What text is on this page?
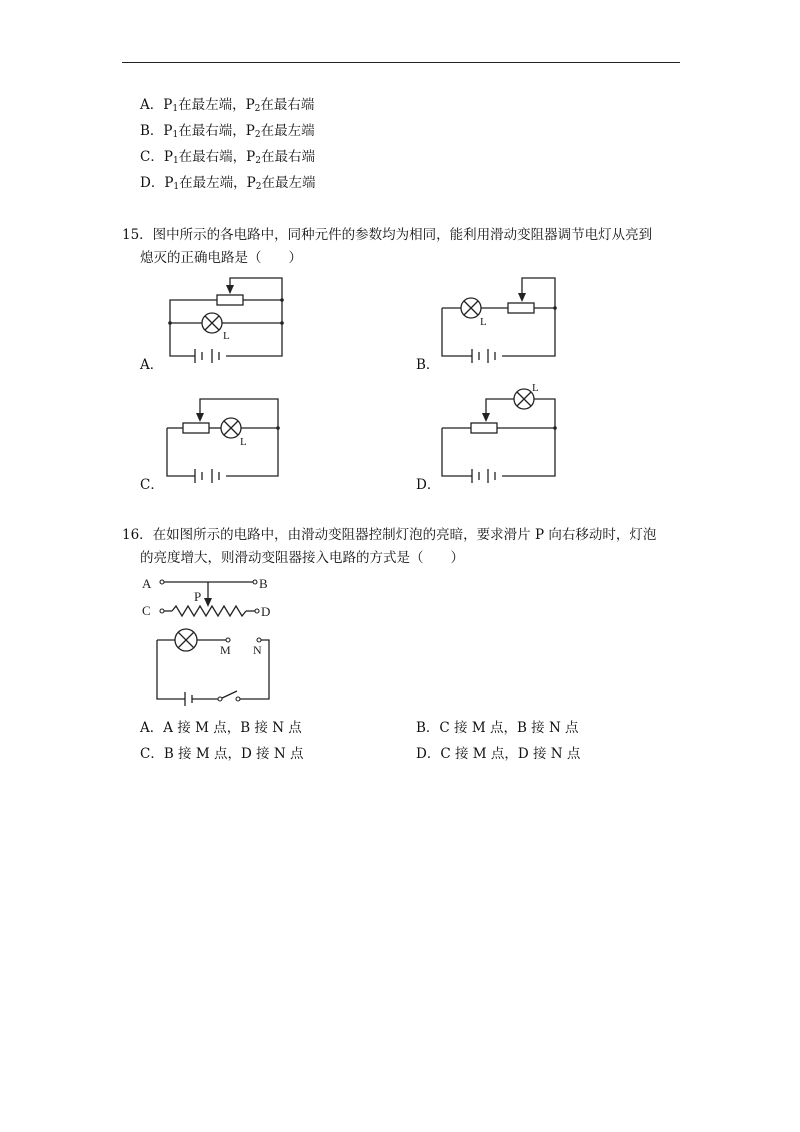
A．$P_1$在最左端，$P_2$在最右端
B．$P_1$在最右端，$P_2$在最左端
C．$P_1$在最右端，$P_2$在最右端
D．$P_1$在最左端，$P_2$在最左端
15．图中所示的各电路中，同种元件的参数均为相同，能利用滑动变阻器调节电灯从亮到
熄灭的正确电路是（　　）
L
A．
L
B．
L
C．
L
D．
16．在如图所示的电路中，由滑动变阻器控制灯泡的亮暗，要求滑片 P 向右移动时，灯泡
的亮度增大，则滑动变阻器接入电路的方式是（　　）
A	B
C	D
P
M N
A．A 接 M 点，B 接 N 点	B．C 接 M 点，B 接 N 点
C．B 接 M 点，D 接 N 点	D．C 接 M 点，D 接 N 点
